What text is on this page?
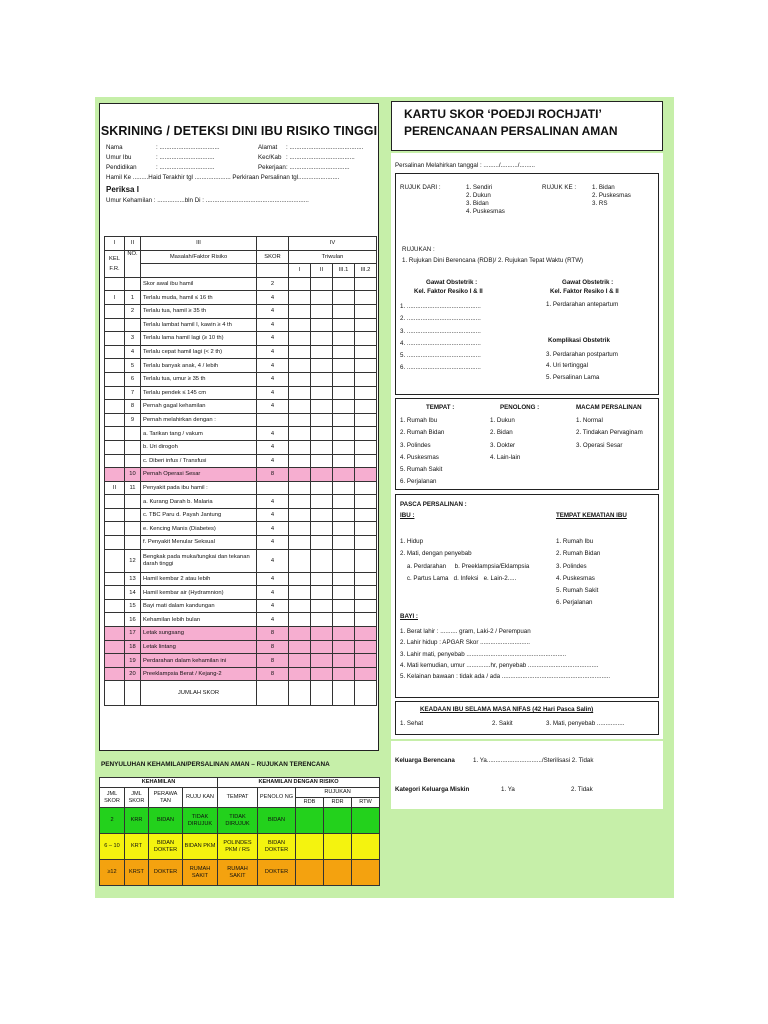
SKRINING / DETEKSI DINI IBU RISIKO TINGGI
Nama	: ...................................	Alamat : ...........................................
Umur Ibu	: ................................	Kec/Kab : ......................................
Pendidikan	: ................................	Pekerjaan : ...................................
Hamil Ke .........Haid Terakhir tgl ..................... Perkiraan Persalinan tgl........................
Periksa I
Umur Kehamilan : ................bln Di : ............................................................
I	II	III		IV			
KEL F.R.	NO.	Masalah/Faktor Risiko	SKOR	Triwulan			
				I	II	III.1	III.2
		Skor awal ibu hamil	2				
I	1	Terlalu muda, hamil ≤ 16 th	4				
	2	Terlalu tua, hamil ≥ 35 th	4				
		Terlalu lambat hamil I, kawin ≥ 4 th	4				
	3	Terlalu lama hamil lagi (≥ 10 th)	4				
	4	Terlalu cepat hamil lagi (< 2 th)	4				
	5	Terlalu banyak anak, 4 / lebih	4				
	6	Terlalu tua, umur ≥ 35 th	4				
	7	Terlalu pendek ≤ 145 cm	4				
	8	Pernah gagal kehamilan	4				
	9	Pernah melahirkan dengan :					
		a. Tarikan tang / vakum	4				
		b. Uri dirogoh	4				
		c. Diberi infus / Transfusi	4				
	10	Pernah Operasi Sesar	8				
II	11	Penyakit pada ibu hamil :					
		a. Kurang Darah b. Malaria	4				
		c. TBC Paru d. Payah Jantung	4				
		e. Kencing Manis (Diabetes)	4				
		f. Penyakit Menular Seksual	4				
	12	Bengkak pada muka/tungkai dan tekanan darah tinggi	4				
	13	Hamil kembar 2 atau lebih	4				
	14	Hamil kembar air (Hydramnion)	4				
	15	Bayi mati dalam kandungan	4				
	16	Kehamilan lebih bulan	4				
	17	Letak sungsang	8				
	18	Letak lintang	8				
	19	Perdarahan dalam kehamilan ini	8				
	20	Preeklampsia Berat / Kejang-2	8				
		JUMLAH SKOR					
PENYULUHAN KEHAMILAN/PERSALINAN AMAN – RUJUKAN TERENCANA
KEHAMILAN				KEHAMILAN DENGAN RISIKO				
JML SKOR	JML SKOR	PERAWA TAN	RUJU KAN	TEMPAT	PENOLO NG	RUJUKAN		
						RDB	RDR	RTW
2	KRR	BIDAN	TIDAK DIRUJUK	TIDAK DIRUJUK	BIDAN			
6 – 10	KRT	BIDAN DOKTER	BIDAN PKM	POLINDES PKM / RS	BIDAN DOKTER			
≥12	KRST	DOKTER	RUMAH SAKIT	RUMAH SAKIT	DOKTER			
KARTU SKOR ‘POEDJI ROCHJATI’
PERENCANAAN PERSALINAN AMAN
Persalinan Melahirkan tanggal : ........./........../.........
RUJUK DARI :	1. Sendiri
2. Dukun
3. Bidan
4. Puskesmas
RUJUK KE :	1. Bidan
2. Puskesmas
3. RS
RUJUKAN :
1. Rujukan Dini Berencana (RDB)/ 2. Rujukan Tepat Waktu (RTW)
Gawat Obstetrik :
Kel. Faktor Resiko I & II
1. ...........................................
2. ...........................................
3. ...........................................
4. ...........................................
5. ...........................................
6. ...........................................
Gawat Obstetrik :
Kel. Faktor Resiko I & II
1. Perdarahan antepartum
Komplikasi Obstetrik
3. Perdarahan postpartum
4. Uri tertinggal
5. Persalinan Lama
TEMPAT :
1. Rumah Ibu
2. Rumah Bidan
3. Polindes
4. Puskesmas
5. Rumah Sakit
6. Perjalanan
PENOLONG :
1. Dukun
2. Bidan
3. Dokter
4. Lain-lain
MACAM PERSALINAN
1. Normal
2. Tindakan Pervaginam
3. Operasi Sesar
PASCA PERSALINAN :
IBU :	TEMPAT KEMATIAN IBU
1. Hidup
2. Mati, dengan penyebab
a. Perdarahan     b. Preeklampsia/Eklampsia
c. Partus Lama   d. Infeksi   e. Lain-2.....
1. Rumah Ibu
2. Rumah Bidan
3. Polindes
4. Puskesmas
5. Rumah Sakit
6. Perjalanan
BAYI :
1. Berat lahir : .......... gram, Laki-2 / Perempuan
2. Lahir hidup : APGAR Skor .............................
3. Lahir mati, penyebab ..........................................................
4. Mati kemudian, umur ..............hr, penyebab .........................................
5. Kelainan bawaan : tidak ada / ada ...............................................................
KEADAAN IBU SELAMA MASA NIFAS (42 Hari Pasca Salin)
1. Sehat	2. Sakit	3. Mati, penyebab ................
Keluarga Berencana	1. Ya................................/Sterilisasi 2. Tidak
Kategori Keluarga Miskin	1. Ya	2. Tidak
